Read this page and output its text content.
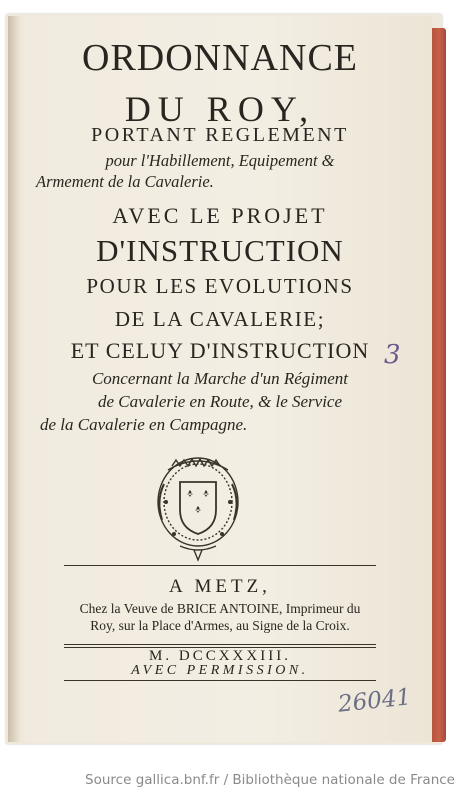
ORDONNANCE
DU ROY,
PORTANT REGLEMENT
pour l'Habillement, Equipement &
Armement de la Cavalerie.
AVEC LE PROJET
D'INSTRUCTION
POUR LES EVOLUTIONS
DE LA CAVALERIE;
ET CELUY D'INSTRUCTION
Concernant la Marche d'un Régiment
de Cavalerie en Route, & le Service
de la Cavalerie en Campagne.
3
A METZ,
Chez la Veuve de BRICE ANTOINE, Imprimeur du
Roy, sur la Place d'Armes, au Signe de la Croix.
M. DCCXXXIII.
AVEC PERMISSION.
26041
Source gallica.bnf.fr / Bibliothèque nationale de France
